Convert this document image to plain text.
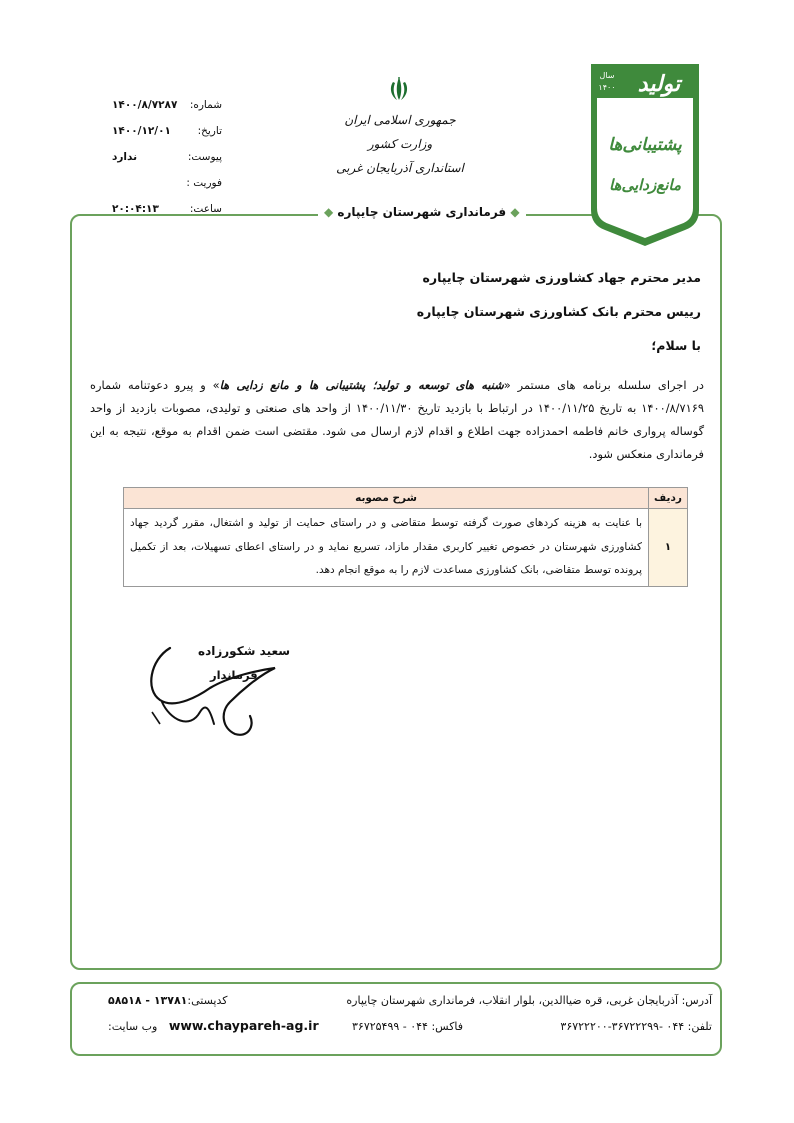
شماره:
۱۴۰۰/۸/۷۲۸۷
تاریخ:
۱۴۰۰/۱۲/۰۱
پیوست:
ندارد
فوریت :
ساعت:
۲۰:۰۴:۱۳
جمهوری اسلامی ایران
وزارت کشور
استانداری آذربایجان غربی
◆ فرمانداری شهرستان چایپاره ◆
تولید
سال
۱۴۰۰
پشتیبانی‌ها
مانع‌زدایی‌ها
مدیر محترم جهاد کشاورزی شهرستان چایپاره
رییس محترم بانک کشاورزی شهرستان چایپاره
با سلام؛
در اجرای سلسله برنامه های مستمر «شنبه های توسعه و تولید؛ پشتیبانی ها و مانع زدایی ها» و پیرو دعوتنامه شماره ۱۴۰۰/۸/۷۱۶۹ به تاریخ ۱۴۰۰/۱۱/۲۵ در ارتباط با بازدید تاریخ ۱۴۰۰/۱۱/۳۰ از واحد های صنعتی و تولیدی، مصوبات بازدید از واحد گوساله پرواری خانم فاطمه احمدزاده جهت اطلاع و اقدام لازم ارسال می شود. مقتضی است ضمن اقدام به موقع، نتیجه به این فرمانداری منعکس شود.
ردیف	شرح مصوبه
۱	با عنایت به هزینه کردهای صورت گرفته توسط متقاضی و در راستای حمایت از تولید و اشتغال، مقرر گردید جهاد کشاورزی شهرستان در خصوص تغییر کاربری مقدار مازاد، تسریع نماید و در راستای اعطای تسهیلات، بعد از تکمیل پرونده توسط متقاضی، بانک کشاورزی مساعدت لازم را به موقع انجام دهد.
سعید شکورزاده
فرماندار
آدرس: آذربایجان غربی، قره ضیاالدین، بلوار انقلاب، فرمانداری شهرستان چایپاره
کدپستی:۱۳۷۸۱ - ۵۸۵۱۸
تلفن: ۰۴۴ -۳۶۷۲۲۲۹۹-۳۶۷۲۲۲۰۰
فاکس: ۰۴۴ - ۳۶۷۲۵۴۹۹
www.chaypareh-ag.ir وب سایت:
